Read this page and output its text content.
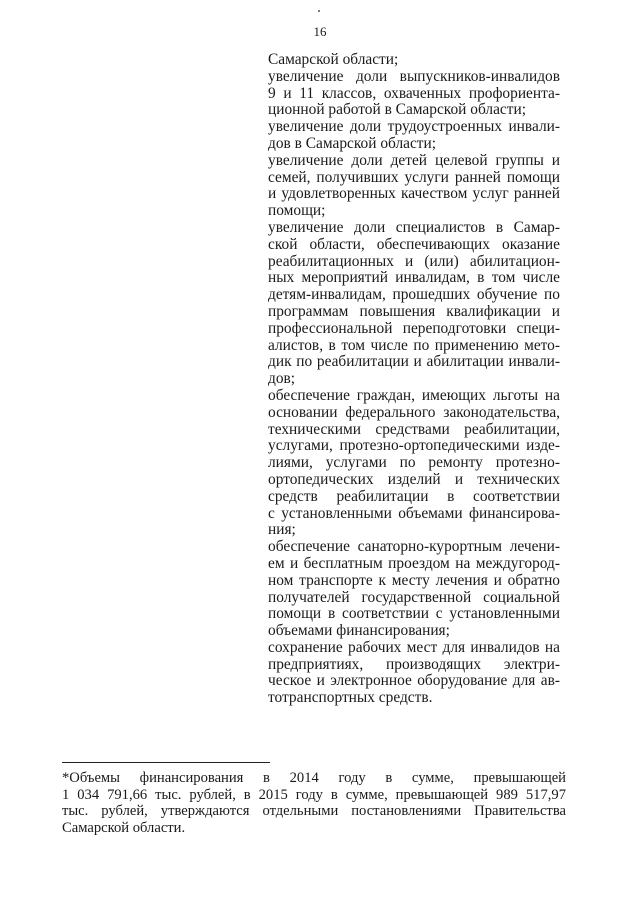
16
Самарской области;
увеличение доли выпускников-инвалидов
9 и 11 классов, охваченных профориента-
ционной работой в Самарской области;
увеличение доли трудоустроенных инвали-
дов в Самарской области;
увеличение доли детей целевой группы и
семей, получивших услуги ранней помощи
и удовлетворенных качеством услуг ранней
помощи;
увеличение доли специалистов в Самар-
ской области, обеспечивающих оказание
реабилитационных и (или) абилитацион-
ных мероприятий инвалидам, в том числе
детям-инвалидам, прошедших обучение по
программам повышения квалификации и
профессиональной переподготовки специ-
алистов, в том числе по применению мето-
дик по реабилитации и абилитации инвали-
дов;
обеспечение граждан, имеющих льготы на
основании федерального законодательства,
техническими средствами реабилитации,
услугами, протезно-ортопедическими изде-
лиями, услугами по ремонту протезно-
ортопедических изделий и технических
средств реабилитации в соответствии
с установленными объемами финансирова-
ния;
обеспечение санаторно-курортным лечени-
ем и бесплатным проездом на междугород-
ном транспорте к месту лечения и обратно
получателей государственной социальной
помощи в соответствии с установленными
объемами финансирования;
сохранение рабочих мест для инвалидов на
предприятиях, производящих электри-
ческое и электронное оборудование для ав-
тотранспортных средств.
*Объемы финансирования в 2014 году в сумме, превышающей
1 034 791,66 тыс. рублей, в 2015 году в сумме, превышающей 989 517,97
тыс. рублей, утверждаются отдельными постановлениями Правительства
Самарской области.
